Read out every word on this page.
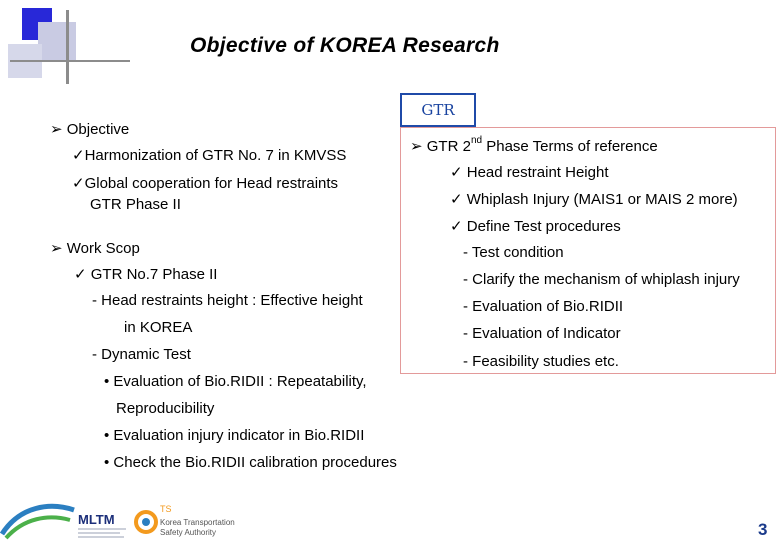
Objective of KOREA Research
➢ Objective
✓Harmonization of GTR No. 7 in KMVSS
✓Global cooperation for Head restraints
GTR Phase II
➢ Work Scop
✓ GTR No.7 Phase II
- Head restraints height : Effective height
in KOREA
- Dynamic Test
• Evaluation of Bio.RIDII : Repeatability,
Reproducibility
• Evaluation injury indicator in Bio.RIDII
• Check the Bio.RIDII calibration procedures
GTR
➢ GTR 2nd Phase Terms of reference
✓ Head restraint Height
✓ Whiplash Injury (MAIS1 or MAIS 2 more)
✓ Define Test procedures
- Test condition
- Clarify the mechanism of whiplash injury
- Evaluation of Bio.RIDII
- Evaluation of Indicator
- Feasibility studies etc.
MLTM
TS
Korea Transportation
Safety Authority	3
